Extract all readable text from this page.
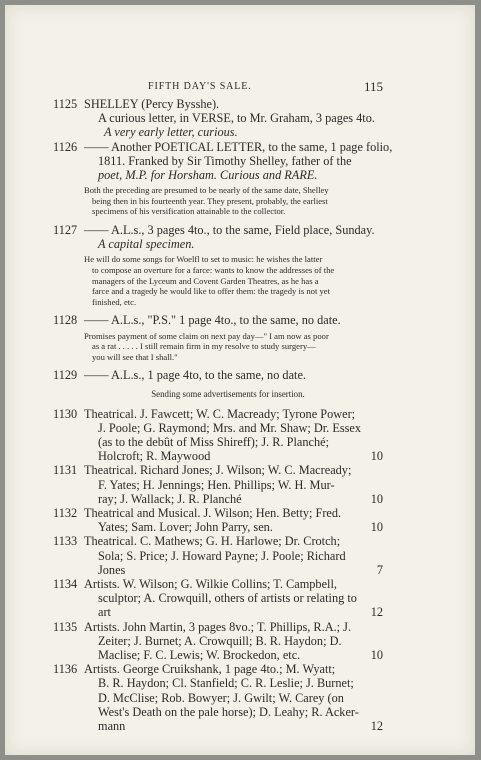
FIFTH DAY'S SALE.	115
1125 SHELLEY (Percy Bysshe).
A curious letter, in VERSE, to Mr. Graham, 3 pages 4to.
A very early letter, curious.
1126 —— Another POETICAL LETTER, to the same, 1 page folio,
1811. Franked by Sir Timothy Shelley, father of the
poet, M.P. for Horsham. Curious and RARE.
Both the preceding are presumed to be nearly of the same date, Shelley
being then in his fourteenth year. They present, probably, the earliest
specimens of his versification attainable to the collector.
1127 —— A.L.s., 3 pages 4to., to the same, Field place, Sunday.
A capital specimen.
He will do some songs for Woelfl to set to music: he wishes the latter
to compose an overture for a farce: wants to know the addresses of the
managers of the Lyceum and Covent Garden Theatres, as he has a
farce and a tragedy he would like to offer them: the tragedy is not yet
finished, etc.
1128 —— A.L.s., "P.S." 1 page 4to., to the same, no date.
Promises payment of some claim on next pay day—" I am now as poor
as a rat . . . . . I still remain firm in my resolve to study surgery—
you will see that I shall."
1129 —— A.L.s., 1 page 4to, to the same, no date.
Sending some advertisements for insertion.
1130 Theatrical. J. Fawcett; W. C. Macready; Tyrone Power;
J. Poole; G. Raymond; Mrs. and Mr. Shaw; Dr. Essex
(as to the debût of Miss Shireff); J. R. Planché;
Holcroft; R. Maywood	10
1131 Theatrical. Richard Jones; J. Wilson; W. C. Macready;
F. Yates; H. Jennings; Hen. Phillips; W. H. Mur-
ray; J. Wallack; J. R. Planché	10
1132 Theatrical and Musical. J. Wilson; Hen. Betty; Fred.
Yates; Sam. Lover; John Parry, sen.	10
1133 Theatrical. C. Mathews; G. H. Harlowe; Dr. Crotch;
Sola; S. Price; J. Howard Payne; J. Poole; Richard
Jones	7
1134 Artists. W. Wilson; G. Wilkie Collins; T. Campbell,
sculptor; A. Crowquill, others of artists or relating to
art	12
1135 Artists. John Martin, 3 pages 8vo.; T. Phillips, R.A.; J.
Zeiter; J. Burnet; A. Crowquill; B. R. Haydon; D.
Maclise; F. C. Lewis; W. Brockedon, etc.	10
1136 Artists. George Cruikshank, 1 page 4to.; M. Wyatt;
B. R. Haydon; Cl. Stanfield; C. R. Leslie; J. Burnet;
D. McClise; Rob. Bowyer; J. Gwilt; W. Carey (on
West's Death on the pale horse); D. Leahy; R. Acker-
mann	12
